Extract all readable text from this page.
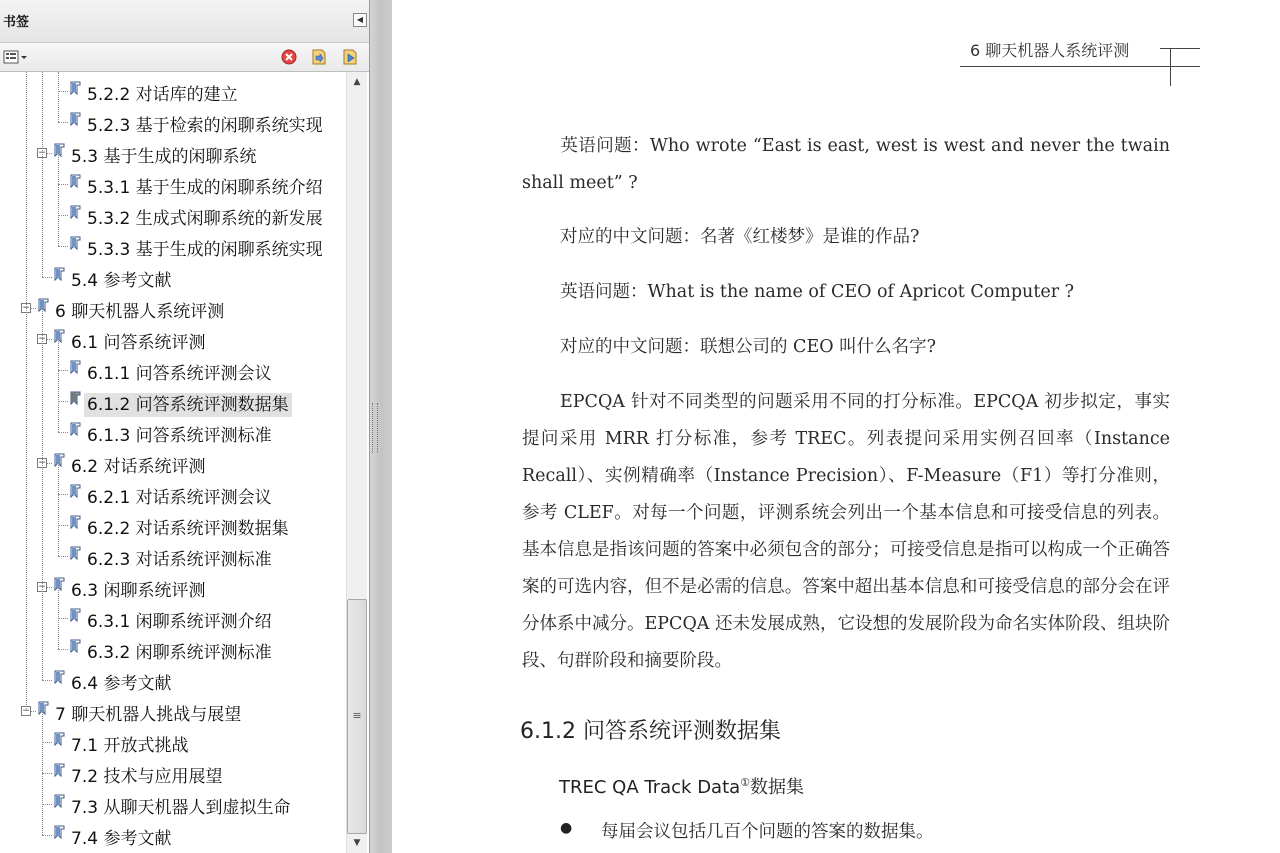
书签	◀
5.2.2 对话库的建立
5.2.3 基于检索的闲聊系统实现
− 5.3 基于生成的闲聊系统
5.3.1 基于生成的闲聊系统介绍
5.3.2 生成式闲聊系统的新发展
5.3.3 基于生成的闲聊系统实现
5.4 参考文献
− 6 聊天机器人系统评测
− 6.1 问答系统评测
6.1.1 问答系统评测会议
6.1.2 问答系统评测数据集
6.1.3 问答系统评测标准
− 6.2 对话系统评测
6.2.1 对话系统评测会议
6.2.2 对话系统评测数据集
6.2.3 对话系统评测标准
− 6.3 闲聊系统评测
6.3.1 闲聊系统评测介绍
6.3.2 闲聊系统评测标准
6.4 参考文献
− 7 聊天机器人挑战与展望
7.1 开放式挑战
7.2 技术与应用展望
7.3 从聊天机器人到虚拟生命
7.4 参考文献
▲
≡
▼
6 聊天机器人系统评测
英语问题：Who wrote “East is east, west is west and never the twain shall meet” ?
对应的中文问题：名著《红楼梦》是谁的作品?
英语问题：What is the name of CEO of Apricot Computer ?
对应的中文问题：联想公司的 CEO 叫什么名字?
EPCQA 针对不同类型的问题采用不同的打分标准。EPCQA 初步拟定，事实提问采用 MRR 打分标准，参考 TREC。列表提问采用实例召回率（Instance Recall）、实例精确率（Instance Precision）、F-Measure（F1）等打分准则，参考 CLEF。对每一个问题，评测系统会列出一个基本信息和可接受信息的列表。基本信息是指该问题的答案中必须包含的部分；可接受信息是指可以构成一个正确答案的可选内容，但不是必需的信息。答案中超出基本信息和可接受信息的部分会在评分体系中减分。EPCQA 还未发展成熟，它设想的发展阶段为命名实体阶段、组块阶段、句群阶段和摘要阶段。
6.1.2 问答系统评测数据集
TREC QA Track Data①数据集
● 每届会议包括几百个问题的答案的数据集。
